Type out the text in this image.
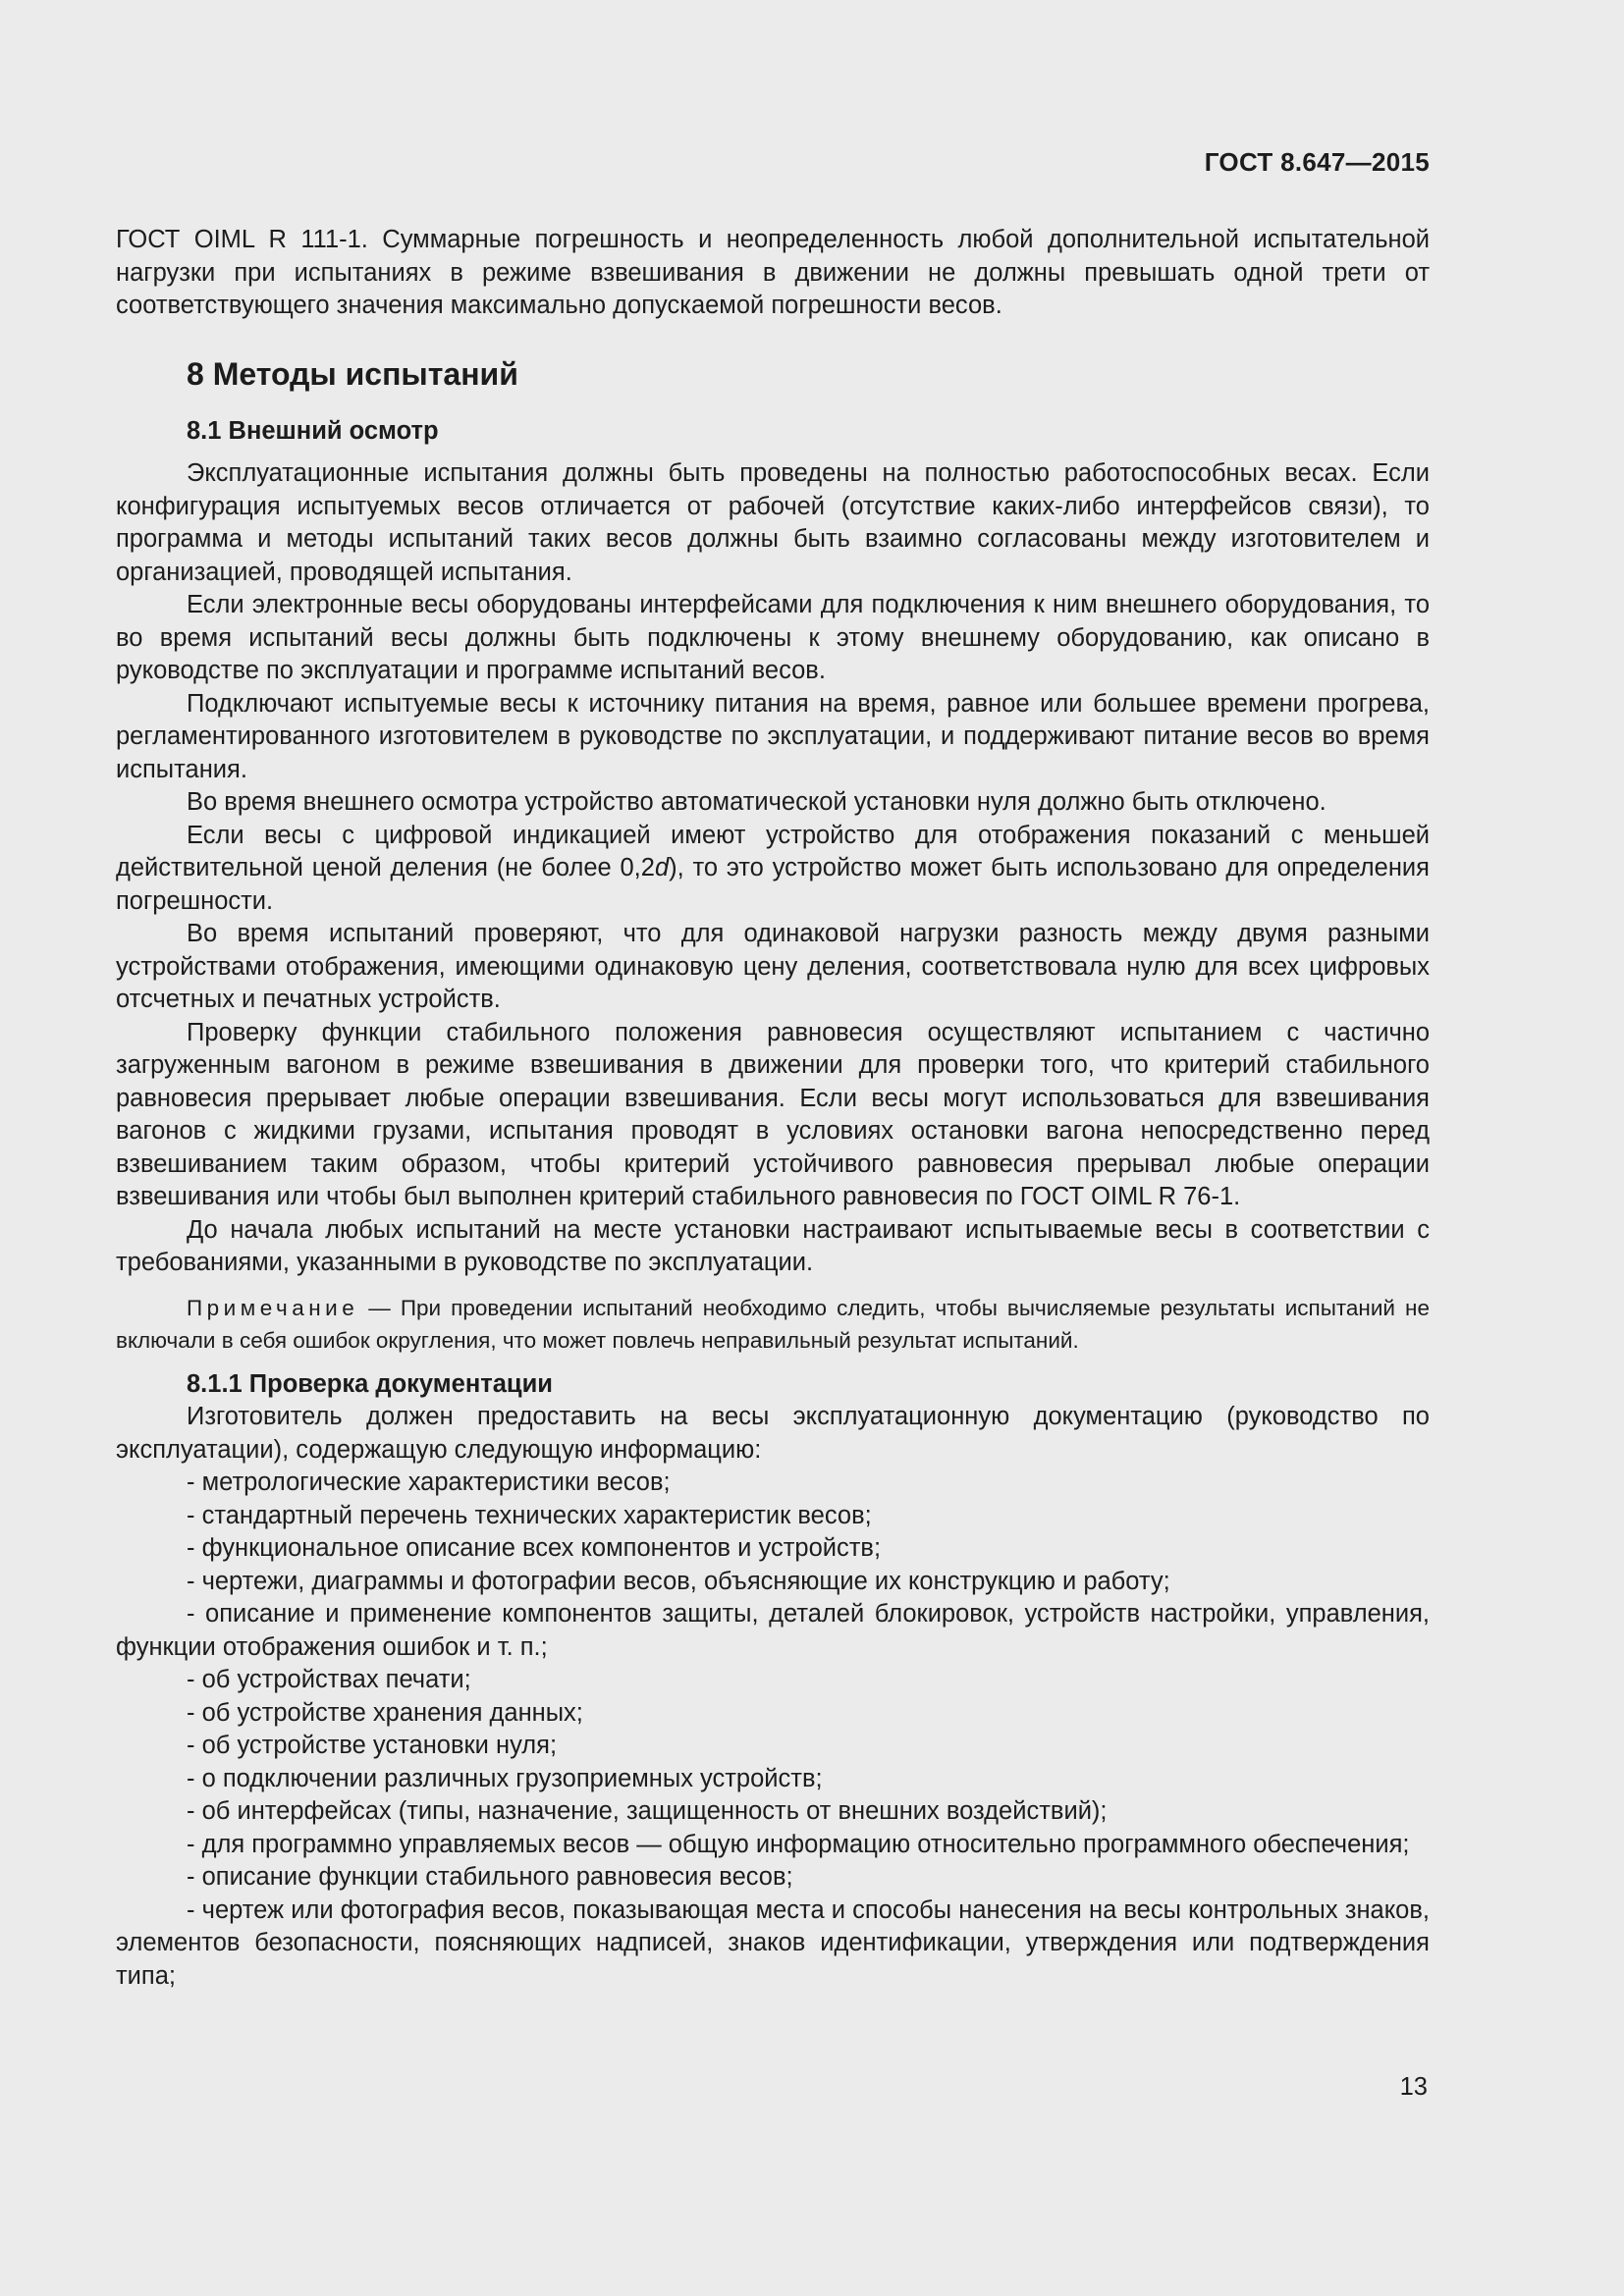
ГОСТ 8.647—2015

ГОСТ OIML R 111-1. Суммарные погрешность и неопределенность любой дополнительной испытательной нагрузки при испытаниях в режиме взвешивания в движении не должны превышать одной трети от соответствующего значения максимально допускаемой погрешности весов.

8 Методы испытаний
8.1 Внешний осмотр

Эксплуатационные испытания должны быть проведены на полностью работоспособных весах. Если конфигурация испытуемых весов отличается от рабочей (отсутствие каких-либо интерфейсов связи), то программа и методы испытаний таких весов должны быть взаимно согласованы между изготовителем и организацией, проводящей испытания.

Если электронные весы оборудованы интерфейсами для подключения к ним внешнего оборудования, то во время испытаний весы должны быть подключены к этому внешнему оборудованию, как описано в руководстве по эксплуатации и программе испытаний весов.

Подключают испытуемые весы к источнику питания на время, равное или большее времени прогрева, регламентированного изготовителем в руководстве по эксплуатации, и поддерживают питание весов во время испытания.

Во время внешнего осмотра устройство автоматической установки нуля должно быть отключено.

Если весы с цифровой индикацией имеют устройство для отображения показаний с меньшей действительной ценой деления (не более 0,2d), то это устройство может быть использовано для определения погрешности.

Во время испытаний проверяют, что для одинаковой нагрузки разность между двумя разными устройствами отображения, имеющими одинаковую цену деления, соответствовала нулю для всех цифровых отсчетных и печатных устройств.

Проверку функции стабильного положения равновесия осуществляют испытанием с частично загруженным вагоном в режиме взвешивания в движении для проверки того, что критерий стабильного равновесия прерывает любые операции взвешивания. Если весы могут использоваться для взвешивания вагонов с жидкими грузами, испытания проводят в условиях остановки вагона непосредственно перед взвешиванием таким образом, чтобы критерий устойчивого равновесия прерывал любые операции взвешивания или чтобы был выполнен критерий стабильного равновесия по ГОСТ OIML R 76-1.

До начала любых испытаний на месте установки настраивают испытываемые весы в соответствии с требованиями, указанными в руководстве по эксплуатации.

Примечание — При проведении испытаний необходимо следить, чтобы вычисляемые результаты испытаний не включали в себя ошибок округления, что может повлечь неправильный результат испытаний.
8.1.1 Проверка документации

Изготовитель должен предоставить на весы эксплуатационную документацию (руководство по эксплуатации), содержащую следующую информацию:

- метрологические характеристики весов;
- стандартный перечень технических характеристик весов;
- функциональное описание всех компонентов и устройств;
- чертежи, диаграммы и фотографии весов, объясняющие их конструкцию и работу;
- описание и применение компонентов защиты, деталей блокировок, устройств настройки, управления, функции отображения ошибок и т. п.;
- об устройствах печати;
- об устройстве хранения данных;
- об устройстве установки нуля;
- о подключении различных грузоприемных устройств;
- об интерфейсах (типы, назначение, защищенность от внешних воздействий);
- для программно управляемых весов — общую информацию относительно программного обеспечения;
- описание функции стабильного равновесия весов;
- чертеж или фотография весов, показывающая места и способы нанесения на весы контрольных знаков, элементов безопасности, поясняющих надписей, знаков идентификации, утверждения или подтверждения типа;
13
